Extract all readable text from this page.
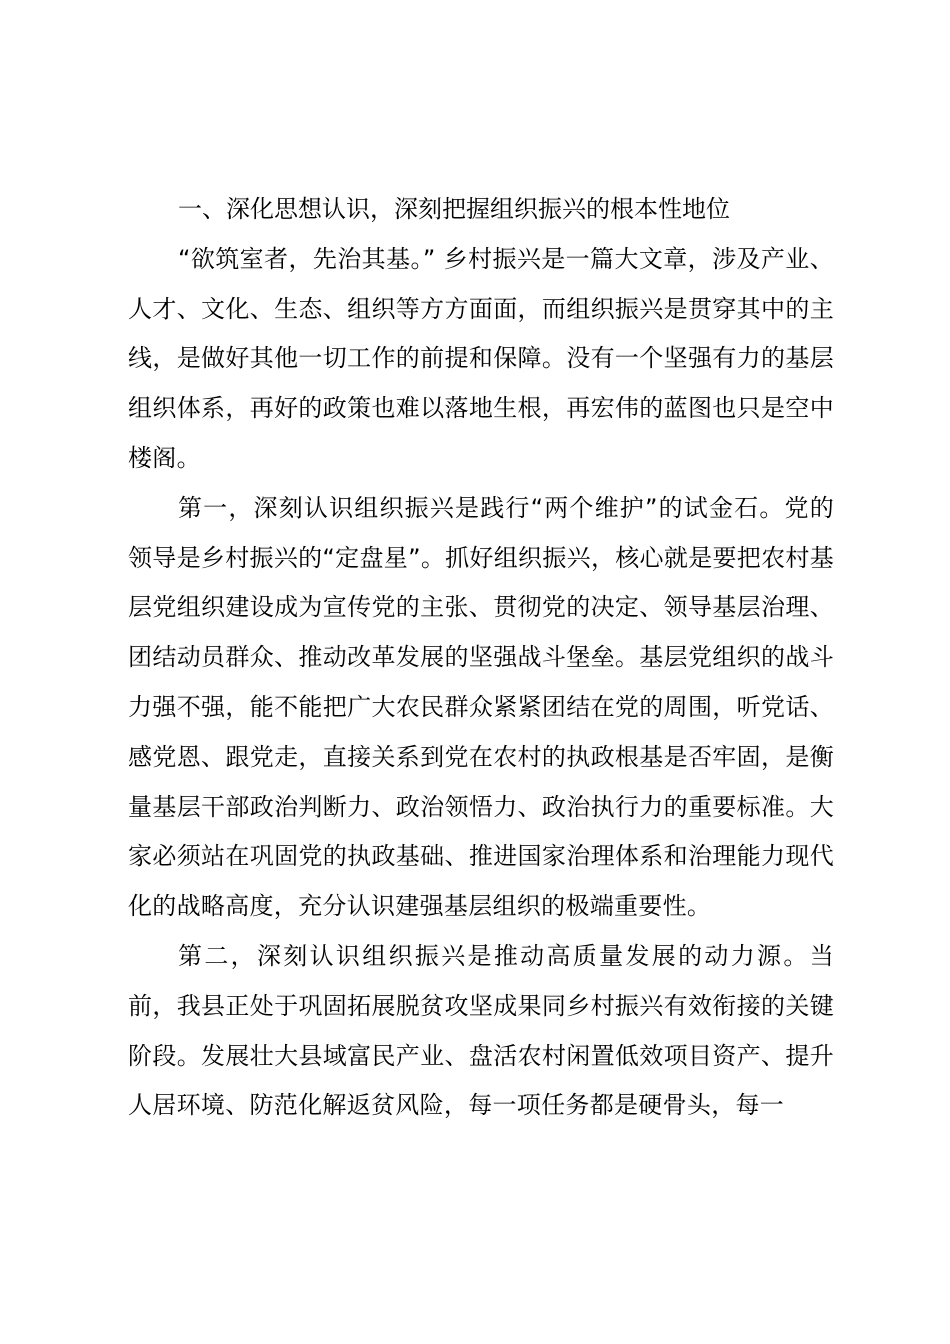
一、深化思想认识，深刻把握组织振兴的根本性地位

“欲筑室者，先治其基。” 乡村振兴是一篇大文章，涉及产业、人才、文化、生态、组织等方方面面，而组织振兴是贯穿其中的主线，是做好其他一切工作的前提和保障。没有一个坚强有力的基层组织体系，再好的政策也难以落地生根，再宏伟的蓝图也只是空中楼阁。

第一，深刻认识组织振兴是践行“两个维护”的试金石。党的领导是乡村振兴的“定盘星”。抓好组织振兴，核心就是要把农村基层党组织建设成为宣传党的主张、贯彻党的决定、领导基层治理、团结动员群众、推动改革发展的坚强战斗堡垒。基层党组织的战斗力强不强，能不能把广大农民群众紧紧团结在党的周围，听党话、感党恩、跟党走，直接关系到党在农村的执政根基是否牢固，是衡量基层干部政治判断力、政治领悟力、政治执行力的重要标准。大家必须站在巩固党的执政基础、推进国家治理体系和治理能力现代化的战略高度，充分认识建强基层组织的极端重要性。

第二，深刻认识组织振兴是推动高质量发展的动力源。当前，我县正处于巩固拓展脱贫攻坚成果同乡村振兴有效衔接的关键阶段。发展壮大县域富民产业、盘活农村闲置低效项目资产、提升人居环境、防范化解返贫风险，每一项任务都是硬骨头，每一
